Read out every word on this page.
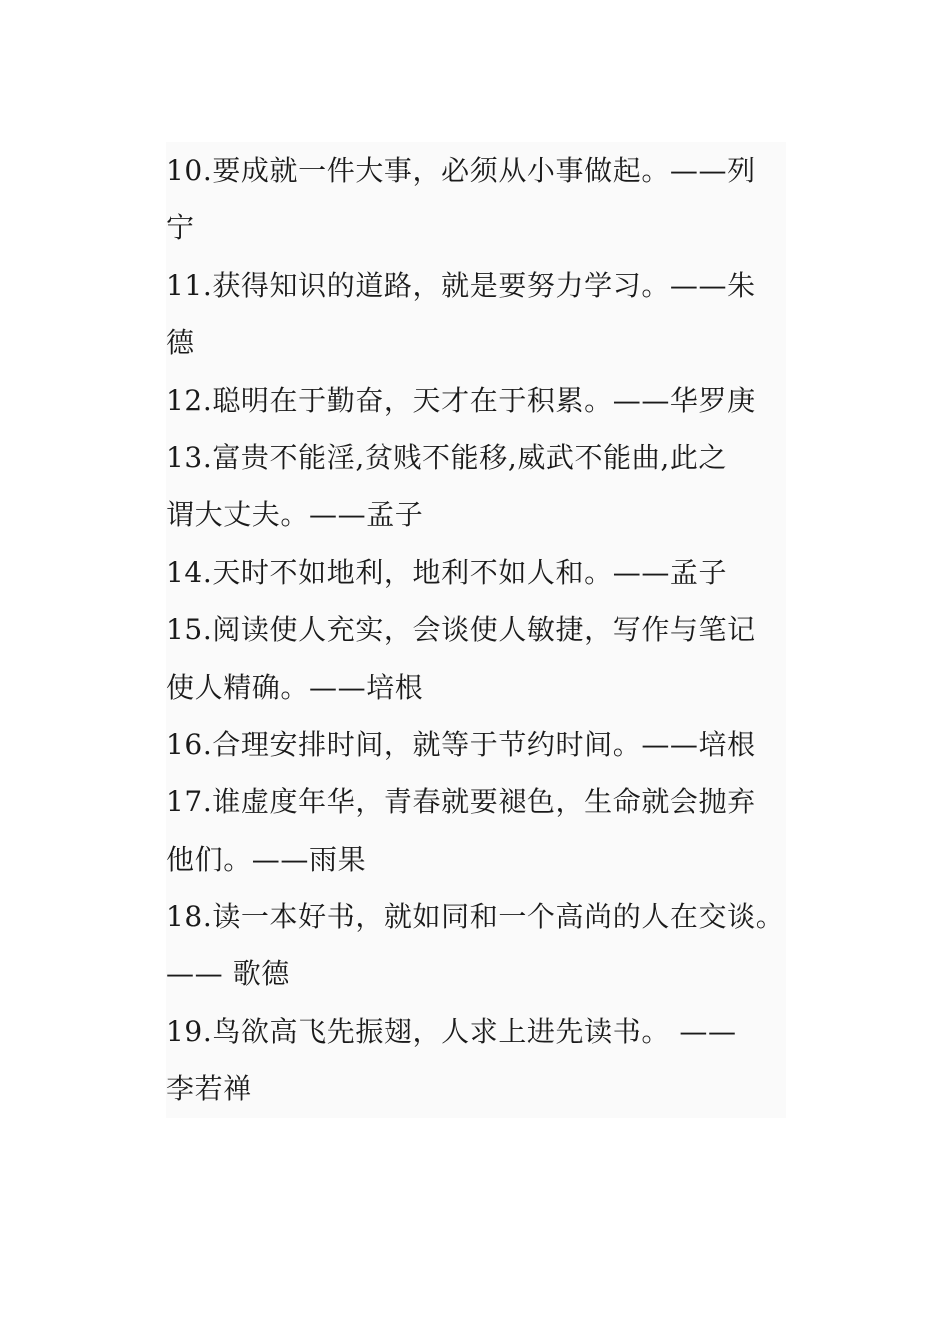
10.要成就一件大事，必须从小事做起。——列
宁
11.获得知识的道路，就是要努力学习。——朱
德
12.聪明在于勤奋，天才在于积累。——华罗庚
13.富贵不能淫,贫贱不能移,威武不能曲,此之
谓大丈夫。——孟子
14.天时不如地利，地利不如人和。——孟子
15.阅读使人充实，会谈使人敏捷，写作与笔记
使人精确。——培根
16.合理安排时间，就等于节约时间。——培根
17.谁虚度年华，青春就要褪色，生命就会抛弃
他们。——雨果
18.读一本好书，就如同和一个高尚的人在交谈。
—— 歌德
19.鸟欲高飞先振翅，人求上进先读书。 ——
李若禅
